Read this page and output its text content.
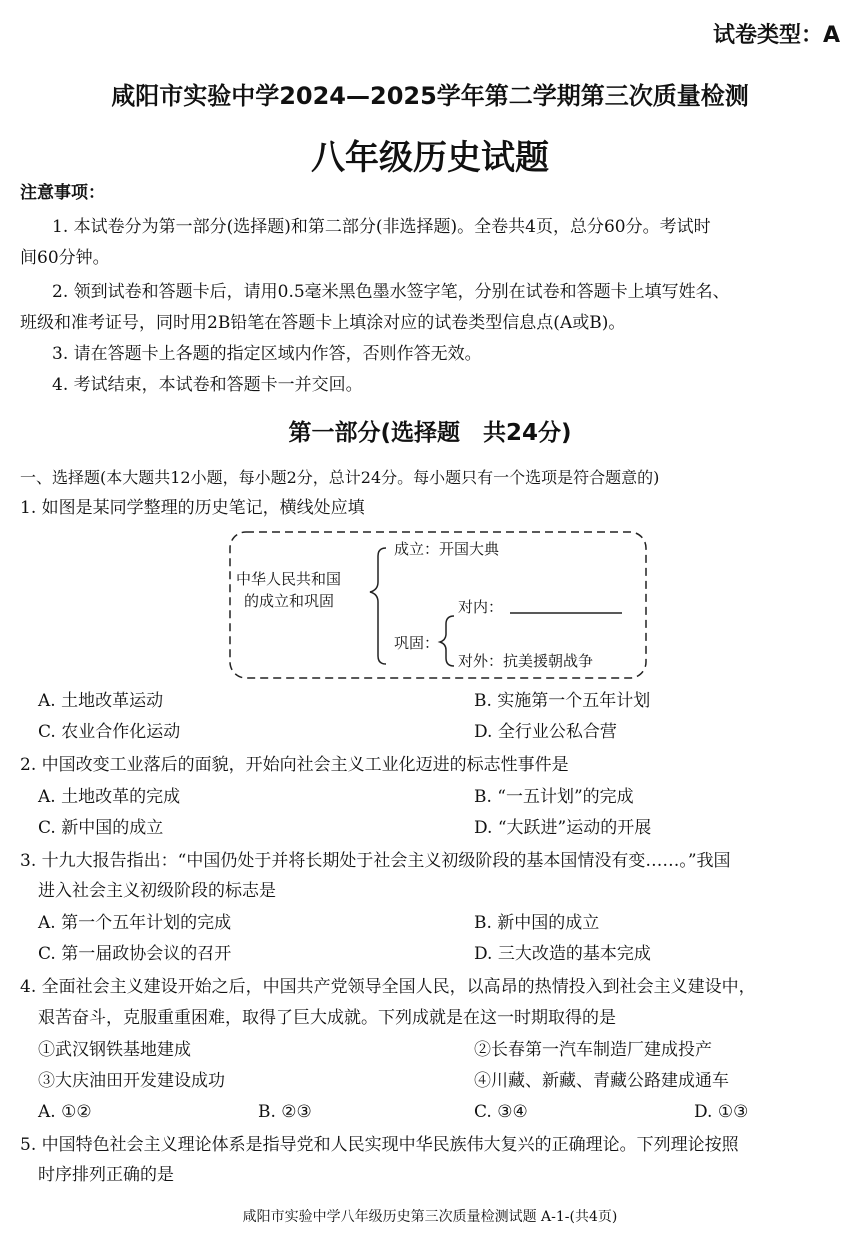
试卷类型：A
咸阳市实验中学2024—2025学年第二学期第三次质量检测
八年级历史试题
注意事项：
1. 本试卷分为第一部分(选择题)和第二部分(非选择题)。全卷共4页，总分60分。考试时
间60分钟。
2. 领到试卷和答题卡后，请用0.5毫米黑色墨水签字笔，分别在试卷和答题卡上填写姓名、
班级和准考证号，同时用2B铅笔在答题卡上填涂对应的试卷类型信息点(A或B)。
3. 请在答题卡上各题的指定区域内作答，否则作答无效。
4. 考试结束，本试卷和答题卡一并交回。
第一部分(选择题　共24分)
一、选择题(本大题共12小题，每小题2分，总计24分。每小题只有一个选项是符合题意的)
1. 如图是某同学整理的历史笔记，横线处应填
中华人民共和国
的成立和巩固
成立：开国大典
巩固：
对内：
对外：抗美援朝战争
A. 土地改革运动	B. 实施第一个五年计划
C. 农业合作化运动	D. 全行业公私合营
2. 中国改变工业落后的面貌，开始向社会主义工业化迈进的标志性事件是
A. 土地改革的完成	B. “一五计划”的完成
C. 新中国的成立	D. “大跃进”运动的开展
3. 十九大报告指出：“中国仍处于并将长期处于社会主义初级阶段的基本国情没有变……。”我国
进入社会主义初级阶段的标志是
A. 第一个五年计划的完成	B. 新中国的成立
C. 第一届政协会议的召开	D. 三大改造的基本完成
4. 全面社会主义建设开始之后，中国共产党领导全国人民，以高昂的热情投入到社会主义建设中，
艰苦奋斗，克服重重困难，取得了巨大成就。下列成就是在这一时期取得的是
①武汉钢铁基地建成	②长春第一汽车制造厂建成投产
③大庆油田开发建设成功	④川藏、新藏、青藏公路建成通车
A. ①②	B. ②③	C. ③④	D. ①③
5. 中国特色社会主义理论体系是指导党和人民实现中华民族伟大复兴的正确理论。下列理论按照
时序排列正确的是
咸阳市实验中学八年级历史第三次质量检测试题 A-1-(共4页)
